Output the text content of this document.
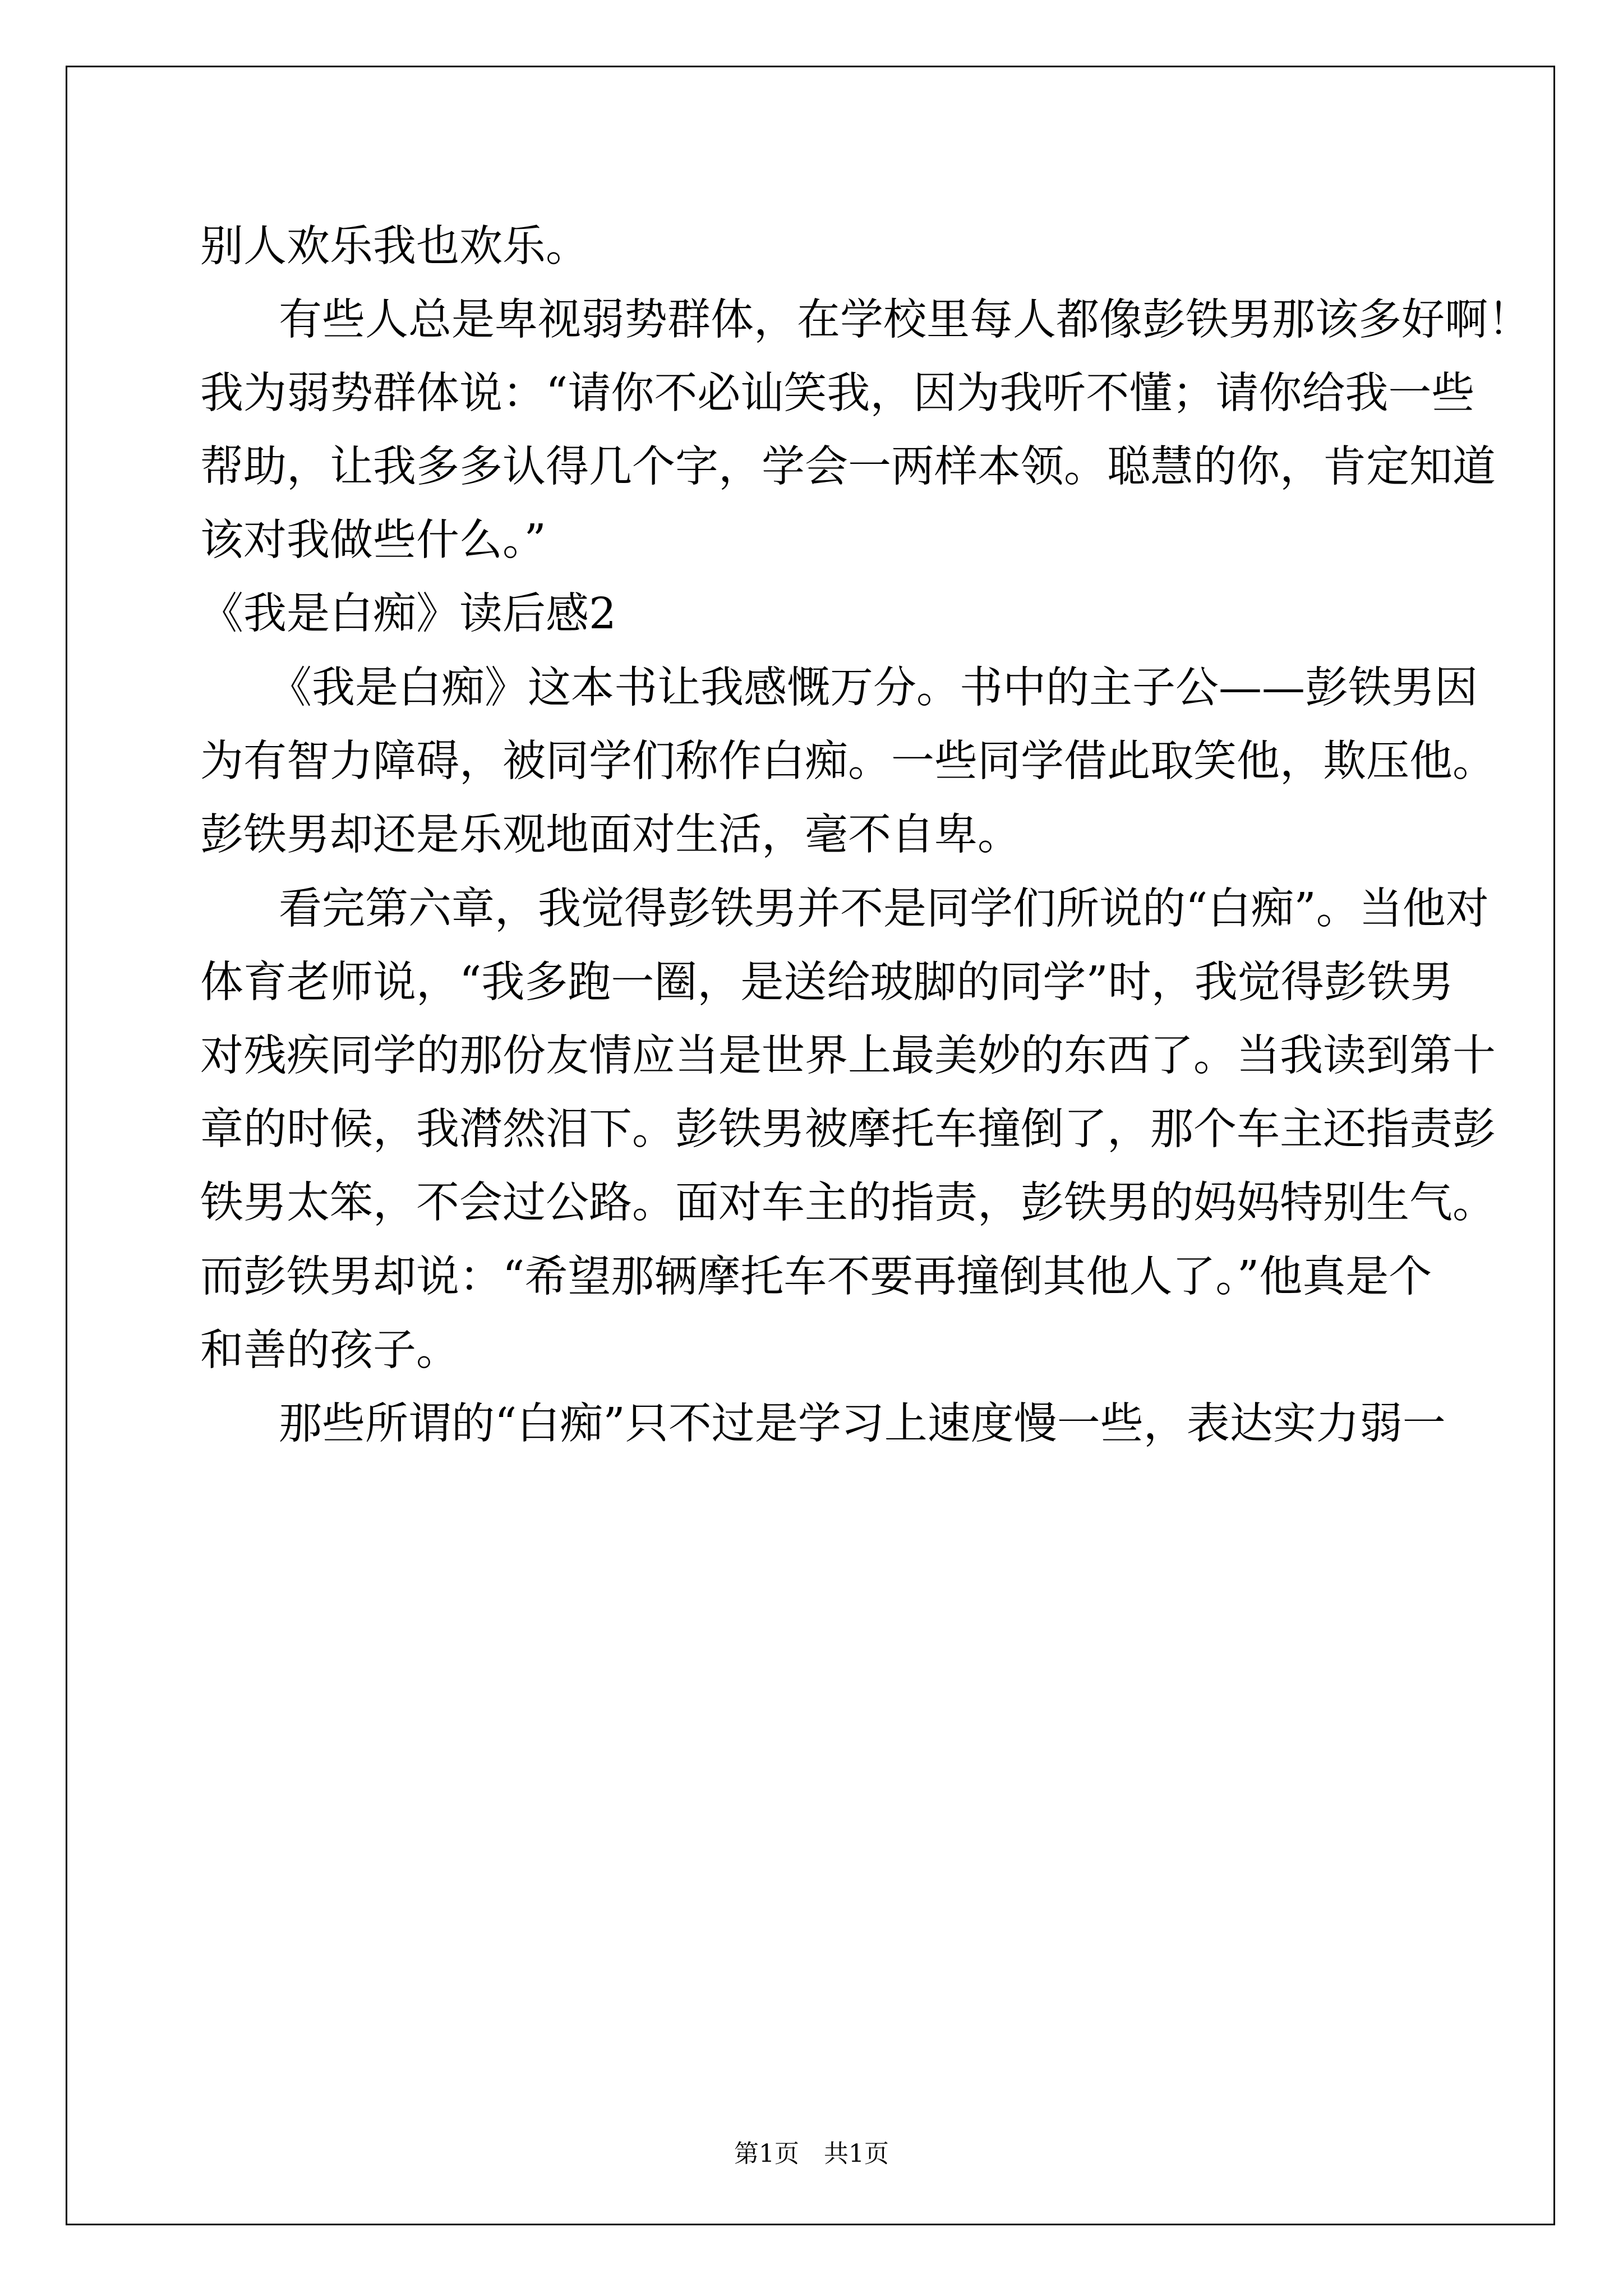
别人欢乐我也欢乐。

有些人总是卑视弱势群体，在学校里每人都像彭铁男那该多好啊！

我为弱势群体说：“请你不必讪笑我，因为我听不懂；请你给我一些

帮助，让我多多认得几个字，学会一两样本领。聪慧的你，肯定知道

该对我做些什么。”

《我是白痴》读后感2

《我是白痴》这本书让我感慨万分。书中的主子公——彭铁男因

为有智力障碍，被同学们称作白痴。一些同学借此取笑他，欺压他。

彭铁男却还是乐观地面对生活，毫不自卑。

看完第六章，我觉得彭铁男并不是同学们所说的“白痴”。当他对

体育老师说，“我多跑一圈，是送给玻脚的同学”时，我觉得彭铁男

对残疾同学的那份友情应当是世界上最美妙的东西了。当我读到第十

章的时候，我潸然泪下。彭铁男被摩托车撞倒了，那个车主还指责彭

铁男太笨，不会过公路。面对车主的指责，彭铁男的妈妈特别生气。

而彭铁男却说：“希望那辆摩托车不要再撞倒其他人了。”他真是个

和善的孩子。

那些所谓的“白痴”只不过是学习上速度慢一些，表达实力弱一

第1页　共1页
